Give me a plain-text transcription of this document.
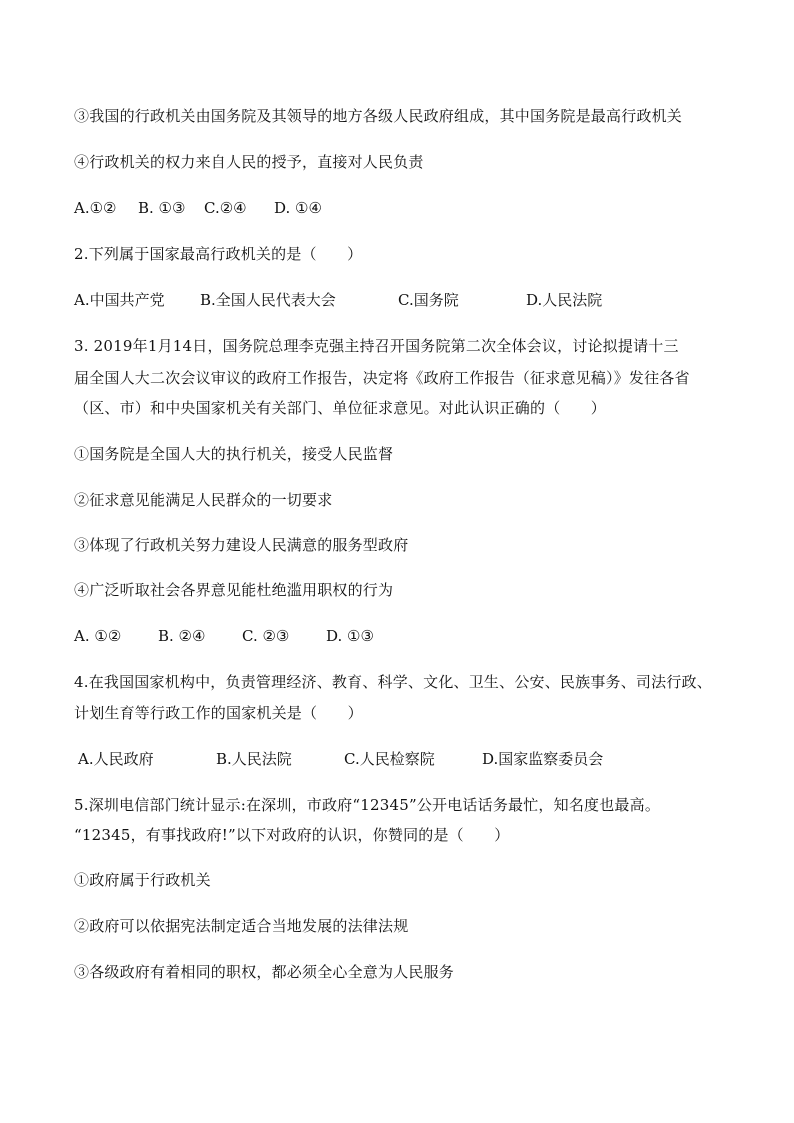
③我国的行政机关由国务院及其领导的地方各级人民政府组成，其中国务院是最高行政机关
④行政机关的权力来自人民的授予，直接对人民负责
A.①② B. ①③ C.②④ D. ①④
2.下列属于国家最高行政机关的是（　　）
A.中国共产党 B.全国人民代表大会	C.国务院	D.人民法院
3. 2019年1月14日，国务院总理李克强主持召开国务院第二次全体会议，讨论拟提请十三
届全国人大二次会议审议的政府工作报告，决定将《政府工作报告（征求意见稿）》发往各省
（区、市）和中央国家机关有关部门、单位征求意见。对此认识正确的（　　）
①国务院是全国人大的执行机关，接受人民监督
②征求意见能满足人民群众的一切要求
③体现了行政机关努力建设人民满意的服务型政府
④广泛听取社会各界意见能杜绝滥用职权的行为
A. ①② B. ②④ C. ②③ D. ①③
4.在我国国家机构中，负责管理经济、教育、科学、文化、卫生、公安、民族事务、司法行政、
计划生育等行政工作的国家机关是（　　）
A.人民政府	B.人民法院	C.人民检察院	D.国家监察委员会
5.深圳电信部门统计显示:在深圳，市政府“12345”公开电话话务最忙，知名度也最高。
“12345，有事找政府!”以下对政府的认识，你赞同的是（　　）
①政府属于行政机关
②政府可以依据宪法制定适合当地发展的法律法规
③各级政府有着相同的职权，都必须全心全意为人民服务
